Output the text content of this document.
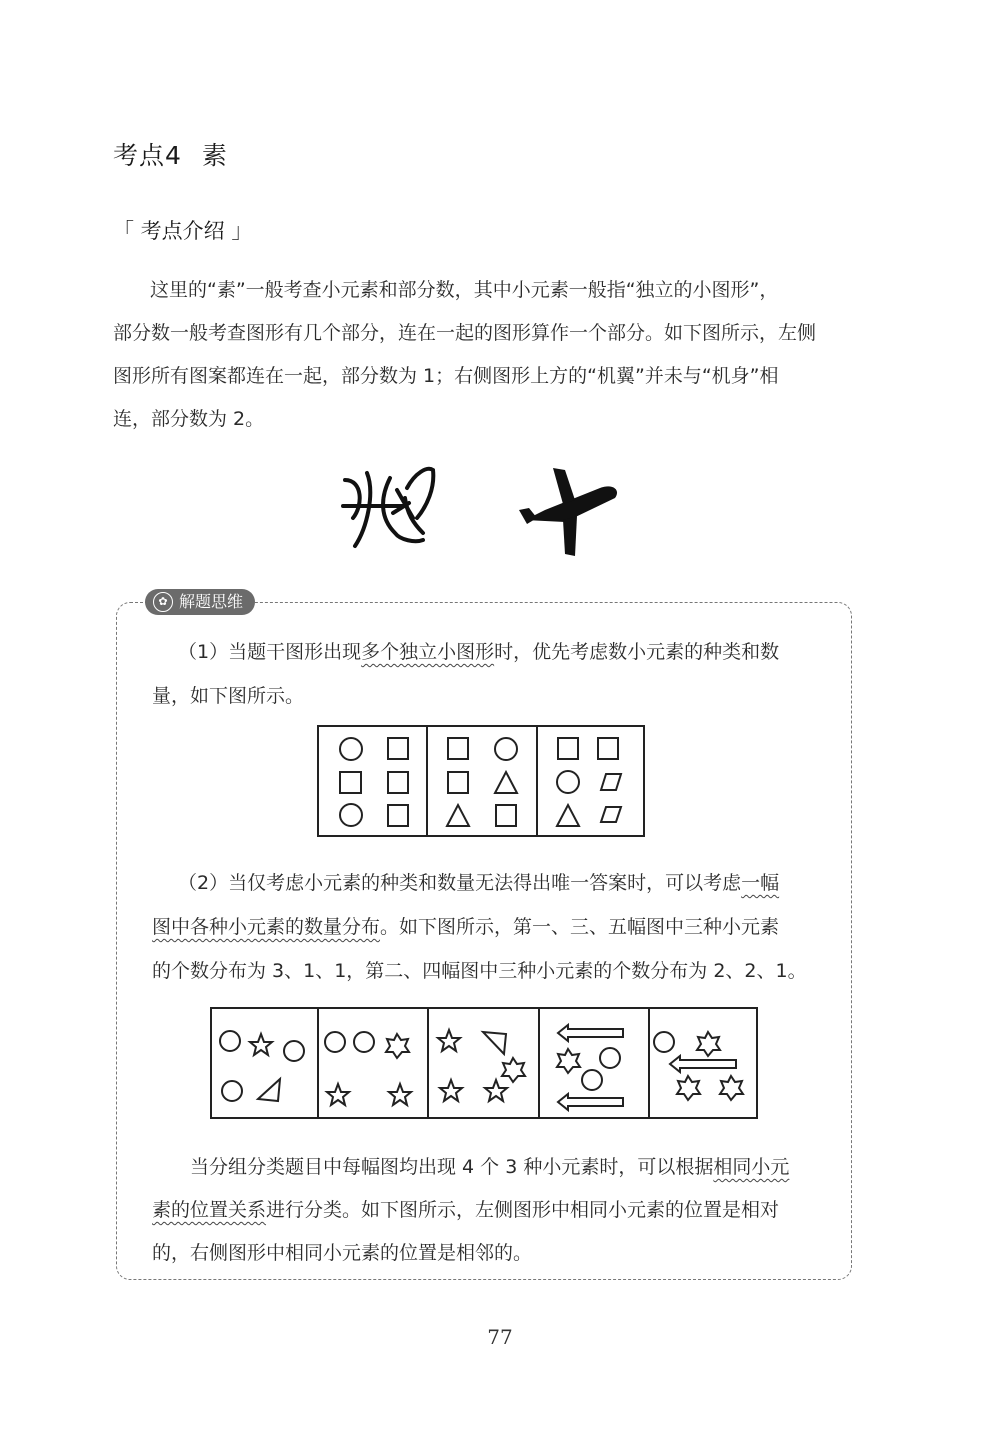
考点4 素
「 考点介绍 」
这里的“素”一般考查小元素和部分数，其中小元素一般指“独立的小图形”，
部分数一般考查图形有几个部分，连在一起的图形算作一个部分。如下图所示，左侧
图形所有图案都连在一起，部分数为 1；右侧图形上方的“机翼”并未与“机身”相
连，部分数为 2。
✿ 解题思维
（1）当题干图形出现多个独立小图形时，优先考虑数小元素的种类和数
量，如下图所示。
（2）当仅考虑小元素的种类和数量无法得出唯一答案时，可以考虑一幅
图中各种小元素的数量分布。如下图所示，第一、三、五幅图中三种小元素
的个数分布为 3、1、1，第二、四幅图中三种小元素的个数分布为 2、2、1。
当分组分类题目中每幅图均出现 4 个 3 种小元素时，可以根据相同小元
素的位置关系进行分类。如下图所示，左侧图形中相同小元素的位置是相对
的，右侧图形中相同小元素的位置是相邻的。
77
